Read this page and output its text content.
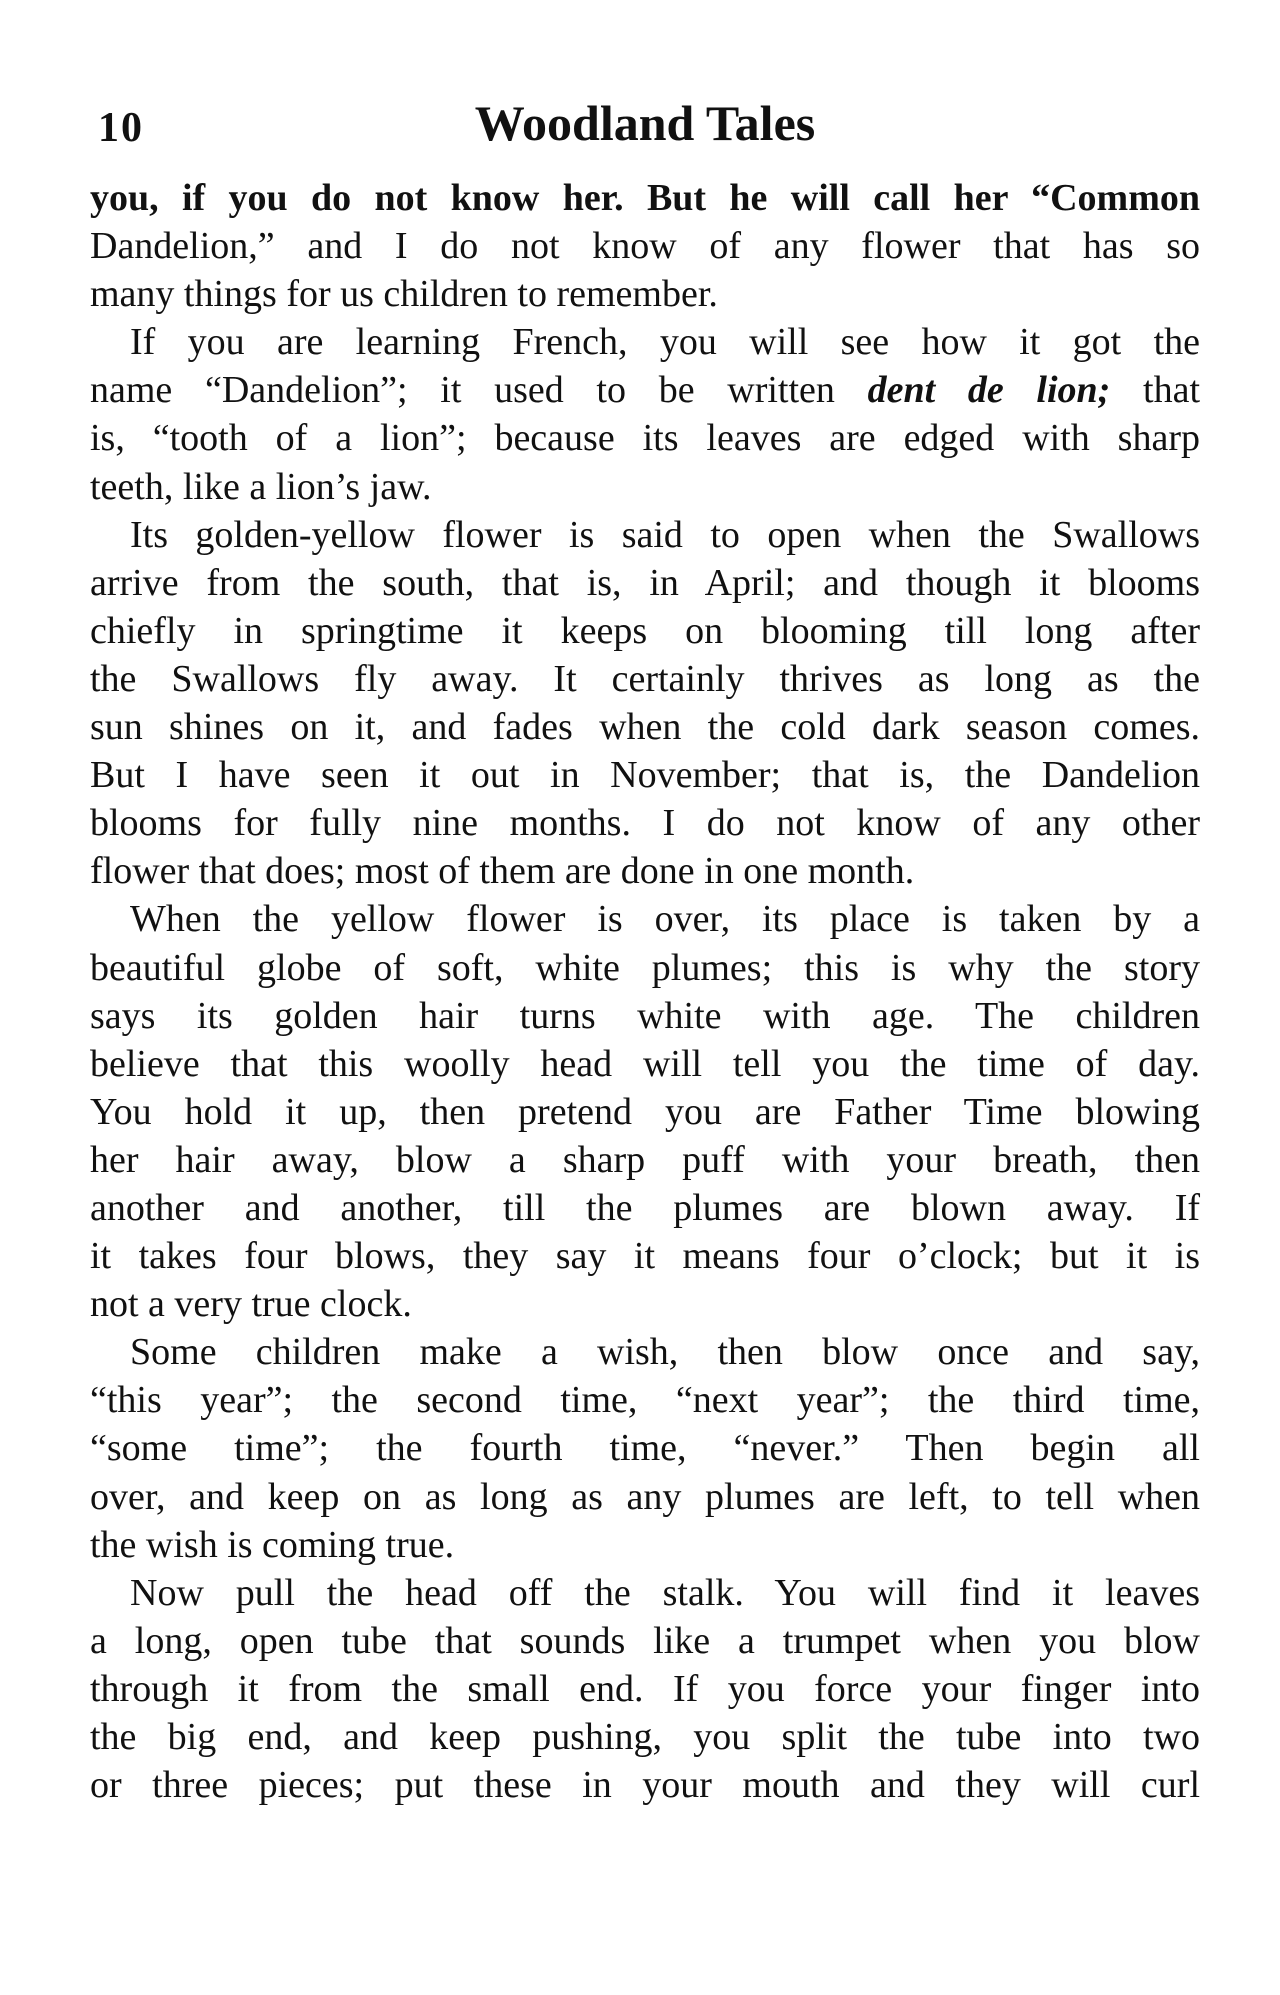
10	Woodland Tales
you, if you do not know her. But he will call her “Common
Dandelion,” and I do not know of any flower that has so
many things for us children to remember.
If you are learning French, you will see how it got the
name “Dandelion”; it used to be written dent de lion; that
is, “tooth of a lion”; because its leaves are edged with sharp
teeth, like a lion’s jaw.
Its golden-yellow flower is said to open when the Swallows
arrive from the south, that is, in April; and though it blooms
chiefly in springtime it keeps on blooming till long after
the Swallows fly away. It certainly thrives as long as the
sun shines on it, and fades when the cold dark season comes.
But I have seen it out in November; that is, the Dandelion
blooms for fully nine months. I do not know of any other
flower that does; most of them are done in one month.
When the yellow flower is over, its place is taken by a
beautiful globe of soft, white plumes; this is why the story
says its golden hair turns white with age. The children
believe that this woolly head will tell you the time of day.
You hold it up, then pretend you are Father Time blowing
her hair away, blow a sharp puff with your breath, then
another and another, till the plumes are blown away. If
it takes four blows, they say it means four o’clock; but it is
not a very true clock.
Some children make a wish, then blow once and say,
“this year”; the second time, “next year”; the third time,
“some time”; the fourth time, “never.” Then begin all
over, and keep on as long as any plumes are left, to tell when
the wish is coming true.
Now pull the head off the stalk. You will find it leaves
a long, open tube that sounds like a trumpet when you blow
through it from the small end. If you force your finger into
the big end, and keep pushing, you split the tube into two
or three pieces; put these in your mouth and they will curl
